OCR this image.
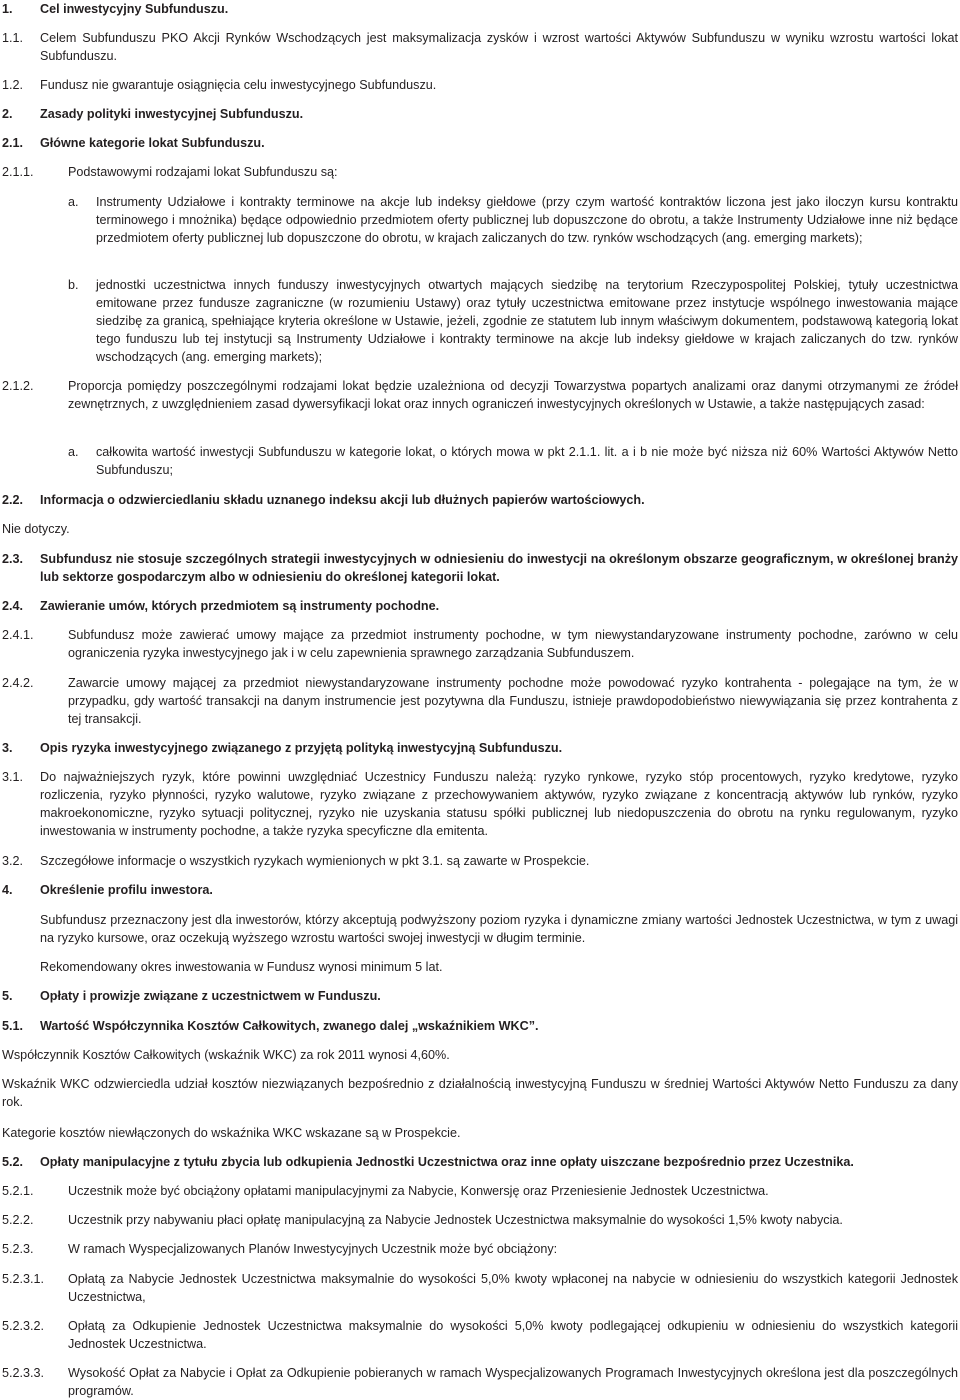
1. Cel inwestycyjny Subfunduszu.
1.1. Celem Subfunduszu PKO Akcji Rynków Wschodzących jest maksymalizacja zysków i wzrost wartości Aktywów Subfunduszu w wyniku wzrostu wartości lokat Subfunduszu.
1.2. Fundusz nie gwarantuje osiągnięcia celu inwestycyjnego Subfunduszu.
2. Zasady polityki inwestycyjnej Subfunduszu.
2.1. Główne kategorie lokat Subfunduszu.
2.1.1.	Podstawowymi rodzajami lokat Subfunduszu są:
a. Instrumenty Udziałowe i kontrakty terminowe na akcje lub indeksy giełdowe (przy czym wartość kontraktów liczona jest jako iloczyn kursu kontraktu terminowego i mnożnika) będące odpowiednio przedmiotem oferty publicznej lub dopuszczone do obrotu, a także Instrumenty Udziałowe inne niż będące przedmiotem oferty publicznej lub dopuszczone do obrotu, w krajach zaliczanych do tzw. rynków wschodzących (ang. emerging markets);
b. jednostki uczestnictwa innych funduszy inwestycyjnych otwartych mających siedzibę na terytorium Rzeczypospolitej Polskiej, tytuły uczestnictwa emitowane przez fundusze zagraniczne (w rozumieniu Ustawy) oraz tytuły uczestnictwa emitowane przez instytucje wspólnego inwestowania mające siedzibę za granicą, spełniające kryteria określone w Ustawie, jeżeli, zgodnie ze statutem lub innym właściwym dokumentem, podstawową kategorią lokat tego funduszu lub tej instytucji są Instrumenty Udziałowe i kontrakty terminowe na akcje lub indeksy giełdowe w krajach zaliczanych do tzw. rynków wschodzących (ang. emerging markets);
2.1.2.	Proporcja pomiędzy poszczególnymi rodzajami lokat będzie uzależniona od decyzji Towarzystwa popartych analizami oraz danymi otrzymanymi ze źródeł zewnętrznych, z uwzględnieniem zasad dywersyfikacji lokat oraz innych ograniczeń inwestycyjnych określonych w Ustawie, a także następujących zasad:
a. całkowita wartość inwestycji Subfunduszu w kategorie lokat, o których mowa w pkt 2.1.1. lit. a i b nie może być niższa niż 60% Wartości Aktywów Netto Subfunduszu;
2.2. Informacja o odzwierciedlaniu składu uznanego indeksu akcji lub dłużnych papierów wartościowych.
Nie dotyczy.
2.3. Subfundusz nie stosuje szczególnych strategii inwestycyjnych w odniesieniu do inwestycji na określonym obszarze geograficznym, w określonej branży lub sektorze gospodarczym albo w odniesieniu do określonej kategorii lokat.
2.4. Zawieranie umów, których przedmiotem są instrumenty pochodne.
2.4.1.	Subfundusz może zawierać umowy mające za przedmiot instrumenty pochodne, w tym niewystandaryzowane instrumenty pochodne, zarówno w celu ograniczenia ryzyka inwestycyjnego jak i w celu zapewnienia sprawnego zarządzania Subfunduszem.
2.4.2.	Zawarcie umowy mającej za przedmiot niewystandaryzowane instrumenty pochodne może powodować ryzyko kontrahenta - polegające na tym, że w przypadku, gdy wartość transakcji na danym instrumencie jest pozytywna dla Funduszu, istnieje prawdopodobieństwo niewywiązania się przez kontrahenta z tej transakcji.
3. Opis ryzyka inwestycyjnego związanego z przyjętą polityką inwestycyjną Subfunduszu.
3.1. Do najważniejszych ryzyk, które powinni uwzględniać Uczestnicy Funduszu należą: ryzyko rynkowe, ryzyko stóp procentowych, ryzyko kredytowe, ryzyko rozliczenia, ryzyko płynności, ryzyko walutowe, ryzyko związane z przechowywaniem aktywów, ryzyko związane z koncentracją aktywów lub rynków, ryzyko makroekonomiczne, ryzyko sytuacji politycznej, ryzyko nie uzyskania statusu spółki publicznej lub niedopuszczenia do obrotu na rynku regulowanym, ryzyko inwestowania w instrumenty pochodne, a także ryzyka specyficzne dla emitenta.
3.2. Szczegółowe informacje o wszystkich ryzykach wymienionych w pkt 3.1. są zawarte w Prospekcie.
4. Określenie profilu inwestora.
Subfundusz przeznaczony jest dla inwestorów, którzy akceptują podwyższony poziom ryzyka i dynamiczne zmiany wartości Jednostek Uczestnictwa, w tym z uwagi na ryzyko kursowe, oraz oczekują wyższego wzrostu wartości swojej inwestycji w długim terminie.
Rekomendowany okres inwestowania w Fundusz wynosi minimum 5 lat.
5. Opłaty i prowizje związane z uczestnictwem w Funduszu.
5.1. Wartość Współczynnika Kosztów Całkowitych, zwanego dalej „wskaźnikiem WKC”.
Współczynnik Kosztów Całkowitych (wskaźnik WKC) za rok 2011 wynosi 4,60%.
Wskaźnik WKC odzwierciedla udział kosztów niezwiązanych bezpośrednio z działalnością inwestycyjną Funduszu w średniej Wartości Aktywów Netto Funduszu za dany rok.
Kategorie kosztów niewłączonych do wskaźnika WKC wskazane są w Prospekcie.
5.2. Opłaty manipulacyjne z tytułu zbycia lub odkupienia Jednostki Uczestnictwa oraz inne opłaty uiszczane bezpośrednio przez Uczestnika.
5.2.1.	Uczestnik może być obciążony opłatami manipulacyjnymi za Nabycie, Konwersję oraz Przeniesienie Jednostek Uczestnictwa.
5.2.2.	Uczestnik przy nabywaniu płaci opłatę manipulacyjną za Nabycie Jednostek Uczestnictwa maksymalnie do wysokości 1,5% kwoty nabycia.
5.2.3.	W ramach Wyspecjalizowanych Planów Inwestycyjnych Uczestnik może być obciążony:
5.2.3.1. Opłatą za Nabycie Jednostek Uczestnictwa maksymalnie do wysokości 5,0% kwoty wpłaconej na nabycie w odniesieniu do wszystkich kategorii Jednostek Uczestnictwa,
5.2.3.2. Opłatą za Odkupienie Jednostek Uczestnictwa maksymalnie do wysokości 5,0% kwoty podlegającej odkupieniu w odniesieniu do wszystkich kategorii Jednostek Uczestnictwa.
5.2.3.3. Wysokość Opłat za Nabycie i Opłat za Odkupienie pobieranych w ramach Wyspecjalizowanych Programach Inwestycyjnych określona jest dla poszczególnych programów.
